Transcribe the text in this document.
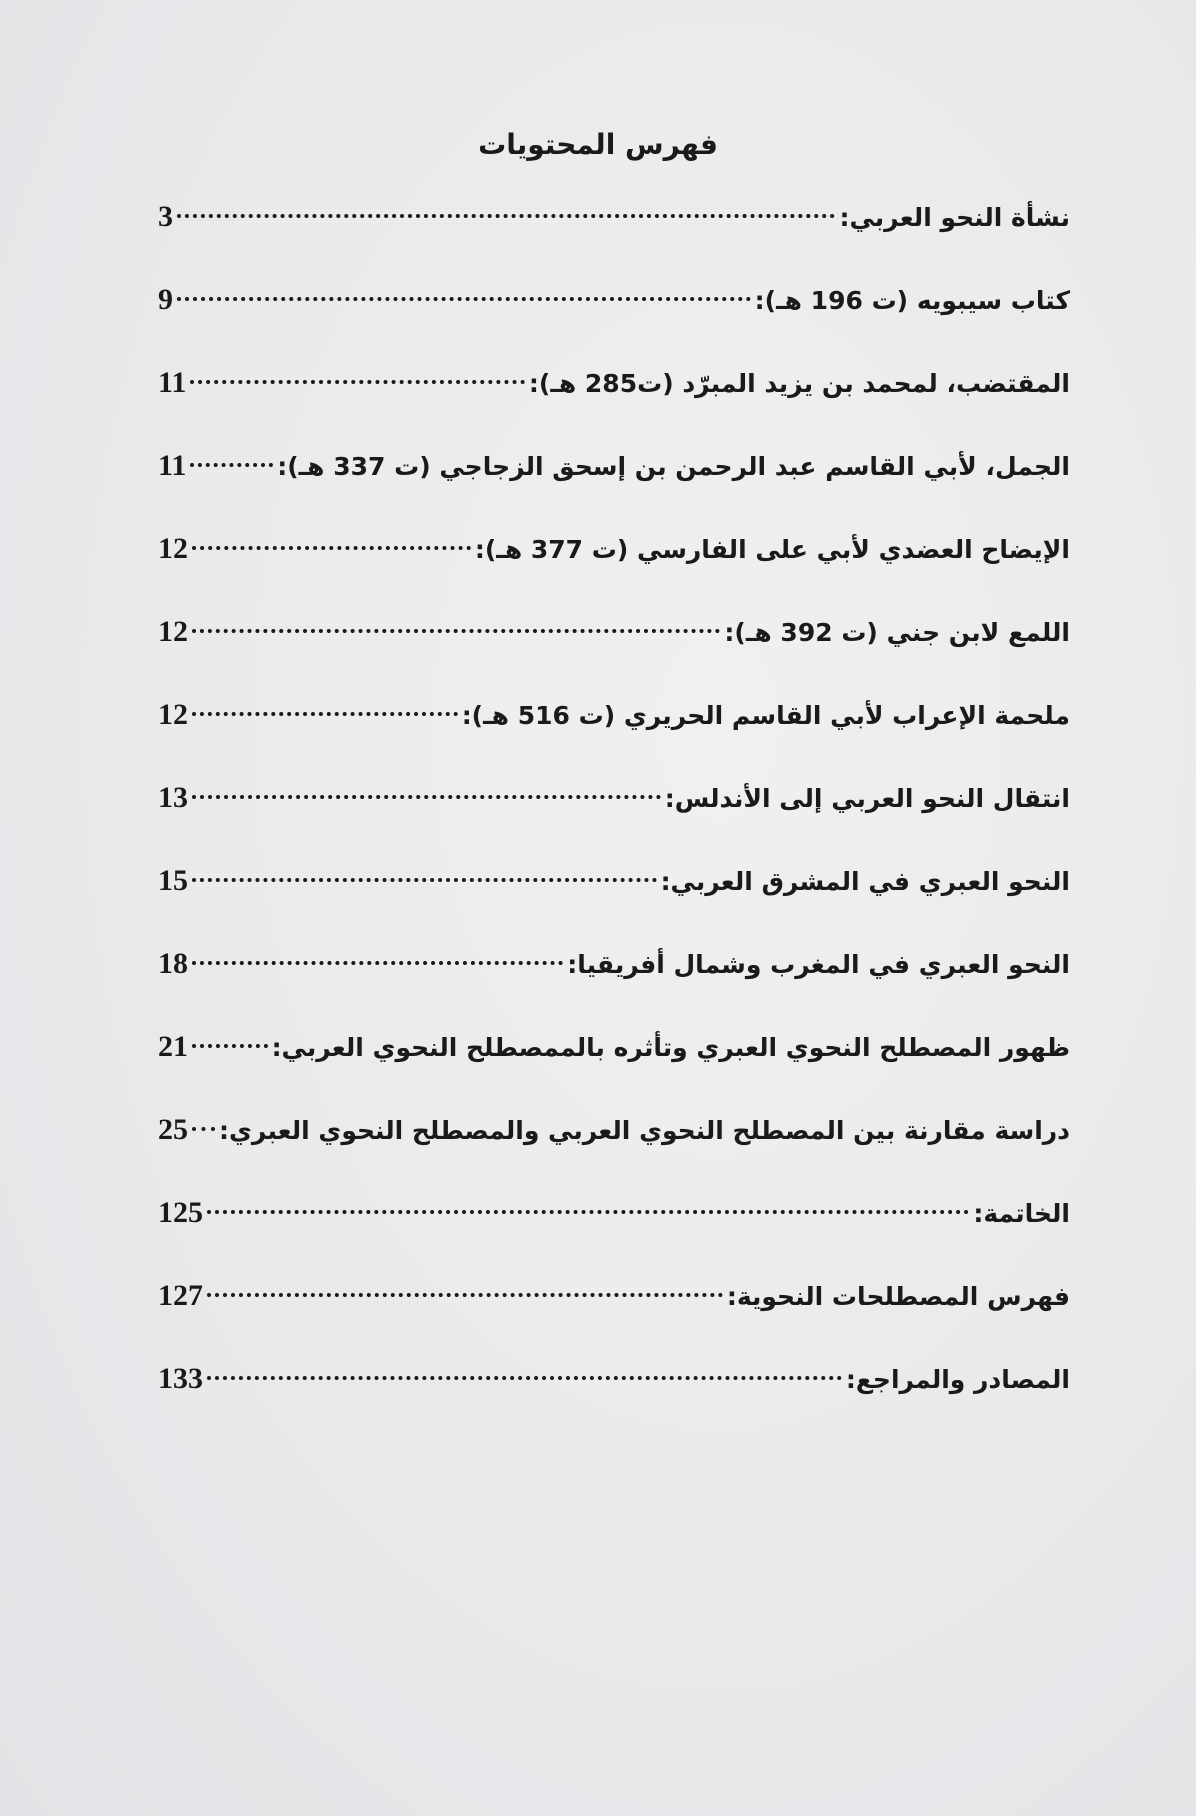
فهرس المحتويات
نشأة النحو العربي:
3
كتاب سيبويه (ت 196 هـ):
9
المقتضب، لمحمد بن يزيد المبرّد (ت285 هـ):
11
الجمل، لأبي القاسم عبد الرحمن بن إسحق الزجاجي (ت 337 هـ):
11
الإيضاح العضدي لأبي على الفارسي (ت 377 هـ):
12
اللمع لابن جني (ت 392 هـ):
12
ملحمة الإعراب لأبي القاسم الحريري (ت 516 هـ):
12
انتقال النحو العربي إلى الأندلس:
13
النحو العبري في المشرق العربي:
15
النحو العبري في المغرب وشمال أفريقيا:
18
ظهور المصطلح النحوي العبري وتأثره بالممصطلح النحوي العربي:
21
دراسة مقارنة بين المصطلح النحوي العربي والمصطلح النحوي العبري:
25
الخاتمة:
125
فهرس المصطلحات النحوية:
127
المصادر والمراجع:
133
